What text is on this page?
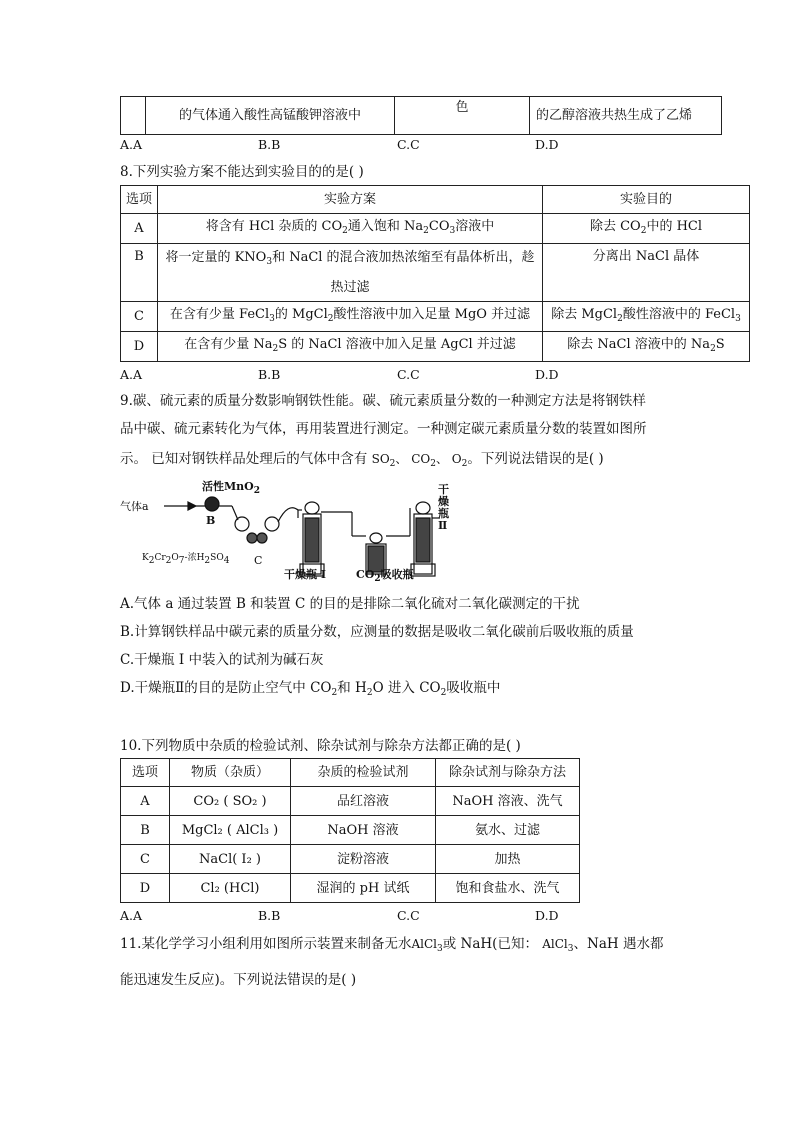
	的气体通入酸性高锰酸钾溶液中	色	的乙醇溶液共热生成了乙烯
A.A	B.B	C.C	D.D
8.下列实验方案不能达到实验目的的是( )
选项	实验方案	实验目的
A	将含有 HCl 杂质的 $CO_2$通入饱和 $Na_2CO_3$溶液中	除去 $CO_2$中的 HCl
B	将一定量的 $KNO_3$和 NaCl 的混合液加热浓缩至有晶体析出，趁
热过滤	分离出 NaCl 晶体
C	在含有少量 FeCl$_3$的 MgCl$_2$酸性溶液中加入足量 MgO 并过滤	除去 MgCl$_2$酸性溶液中的 FeCl$_3$
D	在含有少量 $Na_2S$ 的 NaCl 溶液中加入足量 AgCl 并过滤	除去 NaCl 溶液中的 $Na_2S$
A.A	B.B	C.C	D.D
9.碳、硫元素的质量分数影响钢铁性能。碳、硫元素质量分数的一种测定方法是将钢铁样
品中碳、硫元素转化为气体，再用装置进行测定。一种测定碳元素质量分数的装置如图所
示。 已知对钢铁样品处理后的气体中含有 $SO_2$、 $CO_2$、 $O_2$。下列说法错误的是( )
气体a
活性MnO$_2$
B
C
$K_2Cr_2O_7-$浓$H_2SO_4$
干燥瓶 I	$CO_2$吸收瓶
干燥瓶Ⅱ
A.气体 a 通过装置 B 和装置 C 的目的是排除二氧化硫对二氧化碳测定的干扰
B.计算钢铁样品中碳元素的质量分数，应测量的数据是吸收二氧化碳前后吸收瓶的质量
C.干燥瓶 I 中装入的试剂为碱石灰
D.干燥瓶Ⅱ的目的是防止空气中 $CO_2$和 $H_2O$ 进入 $CO_2$吸收瓶中
10.下列物质中杂质的检验试剂、除杂试剂与除杂方法都正确的是( )
选项	物质（杂质）	杂质的检验试剂	除杂试剂与除杂方法
A	CO₂ ( SO₂ )	品红溶液	NaOH 溶液、洗气
B	MgCl₂ ( AlCl₃ )	NaOH 溶液	氨水、过滤
C	NaCl( I₂ )	淀粉溶液	加热
D	Cl₂ (HCl)	湿润的 pH 试纸	饱和食盐水、洗气
A.A	B.B	C.C	D.D
11.某化学学习小组利用如图所示装置来制备无水AlCl$_3$或 NaH(已知： AlCl$_3$、NaH 遇水都
能迅速发生反应)。下列说法错误的是( )
